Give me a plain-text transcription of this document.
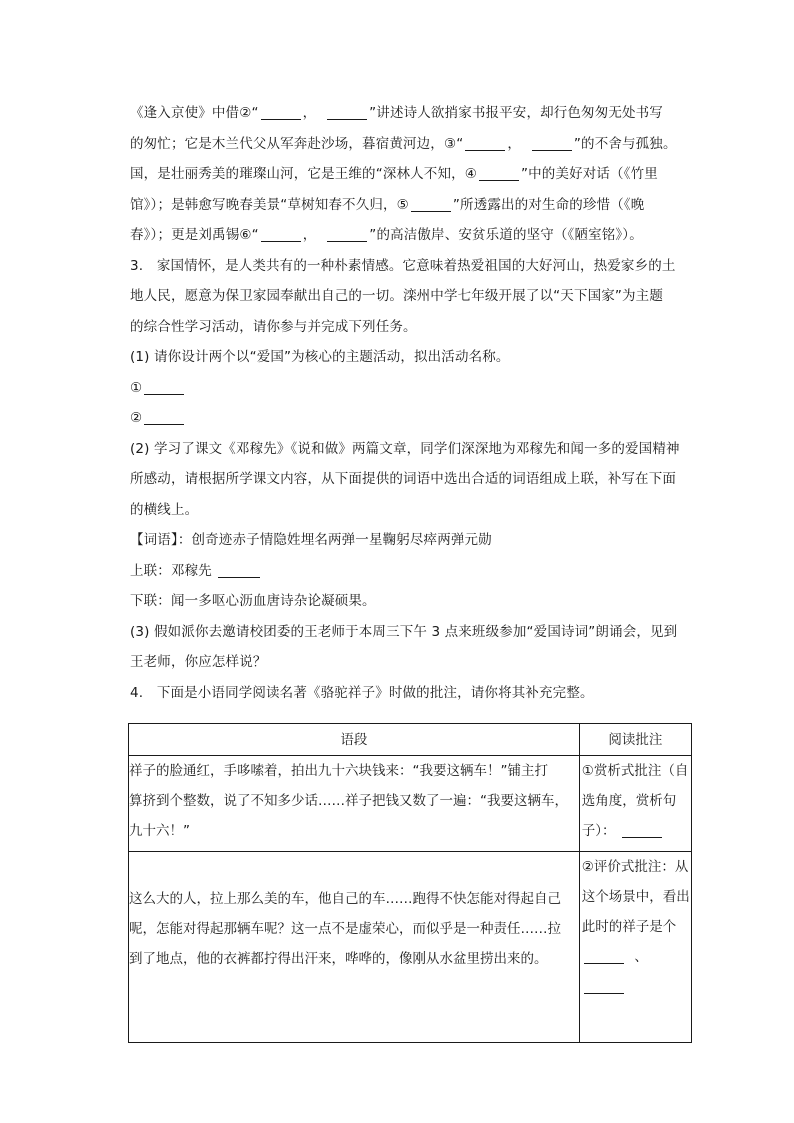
《逢入京使》中借②“	，	”讲述诗人欲捎家书报平安，却行色匆匆无处书写
的匆忙；它是木兰代父从军奔赴沙场，暮宿黄河边，③“	，	”的不舍与孤独。
国，是壮丽秀美的璀璨山河，它是王维的“深林人不知，④	”中的美好对话（《竹里
馆》）；是韩愈写晚春美景“草树知春不久归，⑤	”所透露出的对生命的珍惜（《晚
春》）；更是刘禹锡⑥“	，	”的高洁傲岸、安贫乐道的坚守（《陋室铭》）。
3.　家国情怀，是人类共有的一种朴素情感。它意味着热爱祖国的大好河山，热爱家乡的土
地人民，愿意为保卫家园奉献出自己的一切。滦州中学七年级开展了以“天下国家”为主题
的综合性学习活动，请你参与并完成下列任务。
(1) 请你设计两个以“爱国”为核心的主题活动，拟出活动名称。
①
②
(2) 学习了课文《邓稼先》《说和做》两篇文章，同学们深深地为邓稼先和闻一多的爱国精神
所感动，请根据所学课文内容，从下面提供的词语中选出合适的词语组成上联，补写在下面
的横线上。
【词语】：创奇迹赤子情隐姓埋名两弹一星鞠躬尽瘁两弹元勋
上联：邓稼先
下联：闻一多呕心沥血唐诗杂论凝硕果。
(3) 假如派你去邀请校团委的王老师于本周三下午 3 点来班级参加“爱国诗词”朗诵会，见到
王老师，你应怎样说？
4.　下面是小语同学阅读名著《骆驼祥子》时做的批注，请你将其补充完整。
语段	阅读批注

祥子的脸通红，手哆嗦着，拍出九十六块钱来：“我要这辆车！”铺主打
算挤到个整数，说了不知多少话……祥子把钱又数了一遍：“我要这辆车，
九十六！”	①赏析式批注（自
选角度，赏析句
子）：

这么大的人，拉上那么美的车，他自己的车……跑得不快怎能对得起自己
呢，怎能对得起那辆车呢？这一点不是虚荣心，而似乎是一种责任……拉
到了地点，他的衣裤都拧得出汗来，哗哗的，像刚从水盆里捞出来的。	②评价式批注：从
这个场景中，看出
此时的祥子是个
、
